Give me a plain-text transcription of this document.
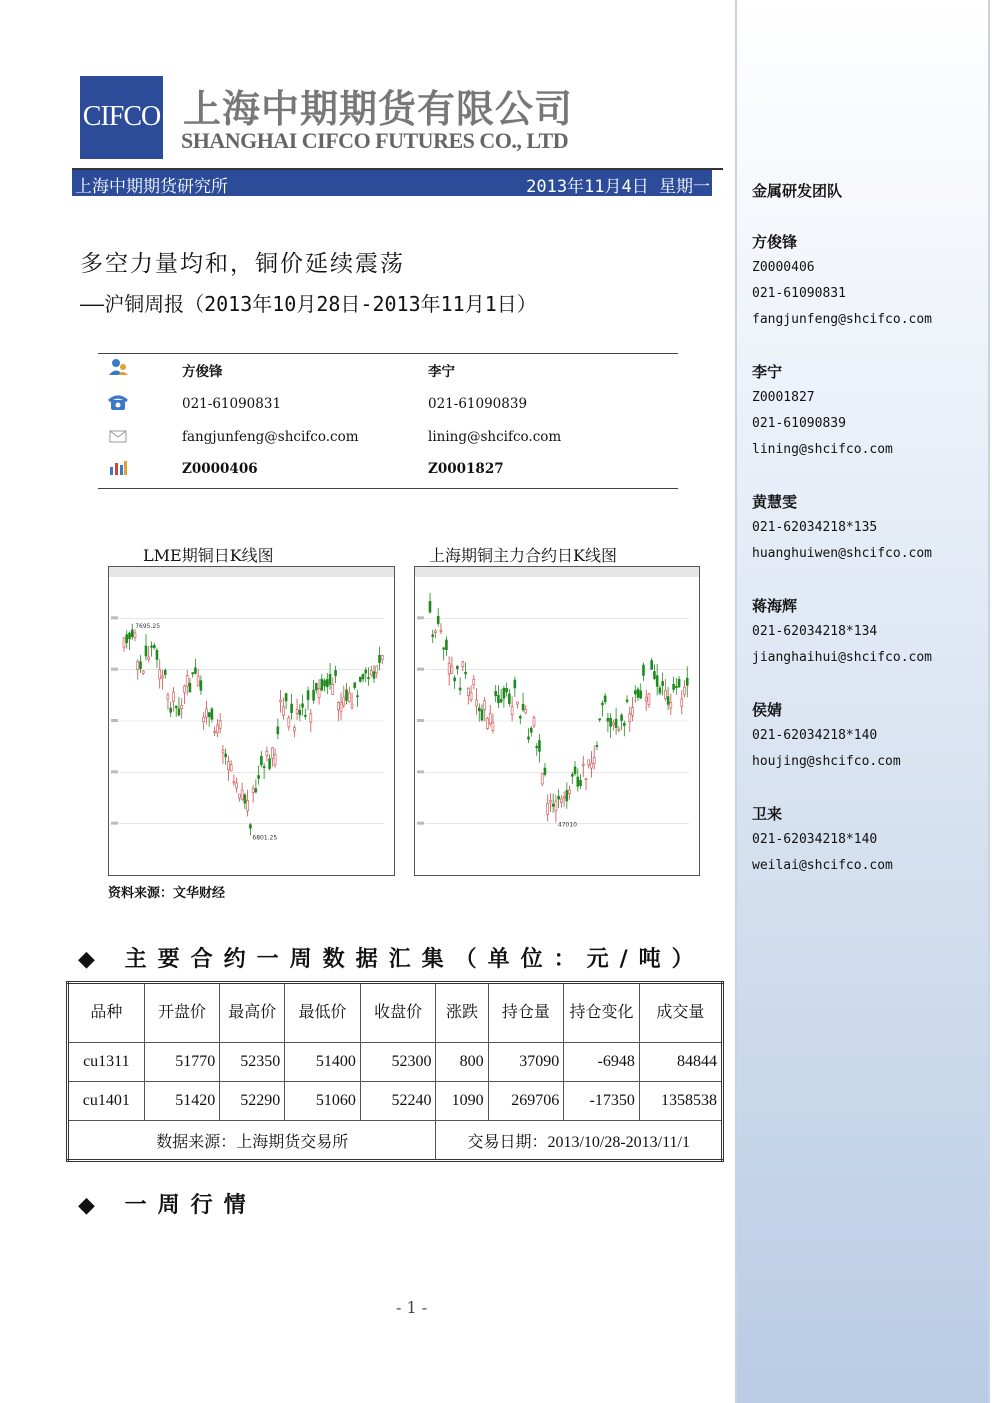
CIFCO 上海中期期货有限公司
SHANGHAI CIFCO FUTURES CO., LTD
上海中期期货研究所	2013年11月4日 星期一
多空力量均和，铜价延续震荡
——沪铜周报（2013年10月28日-2013年11月1日）
方俊锋	李宁
021-61090831	021-61090839
fangjunfeng@shcifco.com	lining@shcifco.com
Z0000406	Z0001827
LME期铜日K线图	上海期铜主力合约日K线图
7695.25
6801.25
47010
资料来源：文华财经
◆ 主要合约一周数据汇集（单位：元/吨）
品种	开盘价	最高价	最低价	收盘价	涨跌	持仓量	持仓变化	成交量
cu1311	51770	52350	51400	52300	800	37090	-6948	84844
cu1401	51420	52290	51060	52240	1090	269706	-17350	1358538
数据来源：上海期货交易所					交易日期：2013/10/28-2013/11/1			
◆ 一周行情
- 1 -
金属研发团队
方俊锋
Z0000406
021-61090831
fangjunfeng@shcifco.com
李宁
Z0001827
021-61090839
lining@shcifco.com
黄慧雯
021-62034218*135
huanghuiwen@shcifco.com
蒋海辉
021-62034218*134
jianghaihui@shcifco.com
侯婧
021-62034218*140
houjing@shcifco.com
卫来
021-62034218*140
weilai@shcifco.com
